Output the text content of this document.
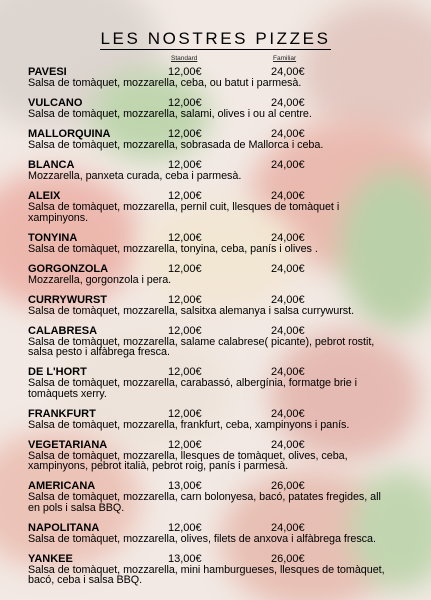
LES NOSTRES PIZZES
Standard	Familiar
PAVESI	12,00€	24,00€
Salsa de tomàquet, mozzarella, ceba, ou batut i parmesà.
VULCANO	12,00€	24,00€
Salsa de tomàquet, mozzarella, salami, olives i ou al centre.
MALLORQUINA	12,00€	24,00€
Salsa de tomàquet, mozzarella, sobrasada de Mallorca i ceba.
BLANCA	12,00€	24,00€
Mozzarella, panxeta curada, ceba i parmesà.
ALEIX	12,00€	24,00€
Salsa de tomàquet, mozzarella, pernil cuit, llesques de tomàquet i xampinyons.
TONYINA	12,00€	24,00€
Salsa de tomàquet, mozzarella, tonyina, ceba, panís i olives .
GORGONZOLA	12,00€	24,00€
Mozzarella, gorgonzola i pera.
CURRYWURST	12,00€	24,00€
Salsa de tomàquet, mozzarella, salsitxa alemanya i salsa currywurst.
CALABRESA	12,00€	24,00€
Salsa de tomàquet, mozzarella, salame calabrese( picante), pebrot rostit, salsa pesto i alfàbrega fresca.
DE L'HORT	12,00€	24,00€
Salsa de tomàquet, mozzarella, carabassó, albergínia, formatge brie i tomàquets xerry.
FRANKFURT	12,00€	24,00€
Salsa de tomàquet, mozzarella, frankfurt, ceba, xampinyons i panís.
VEGETARIANA	12,00€	24,00€
Salsa de tomàquet, mozzarella, llesques de tomàquet, olives, ceba, xampinyons, pebrot italià, pebrot roig, panís i parmesà.
AMERICANA	13,00€	26,00€
Salsa de tomàquet, mozzarella, carn bolonyesa, bacó, patates fregides, all en pols i salsa BBQ.
NAPOLITANA	12,00€	24,00€
Salsa de tomàquet, mozzarella, olives, filets de anxova i alfàbrega fresca.
YANKEE	13,00€	26,00€
Salsa de tomàquet, mozzarella, mini hamburgueses, llesques de tomàquet, bacó, ceba i salsa BBQ.
